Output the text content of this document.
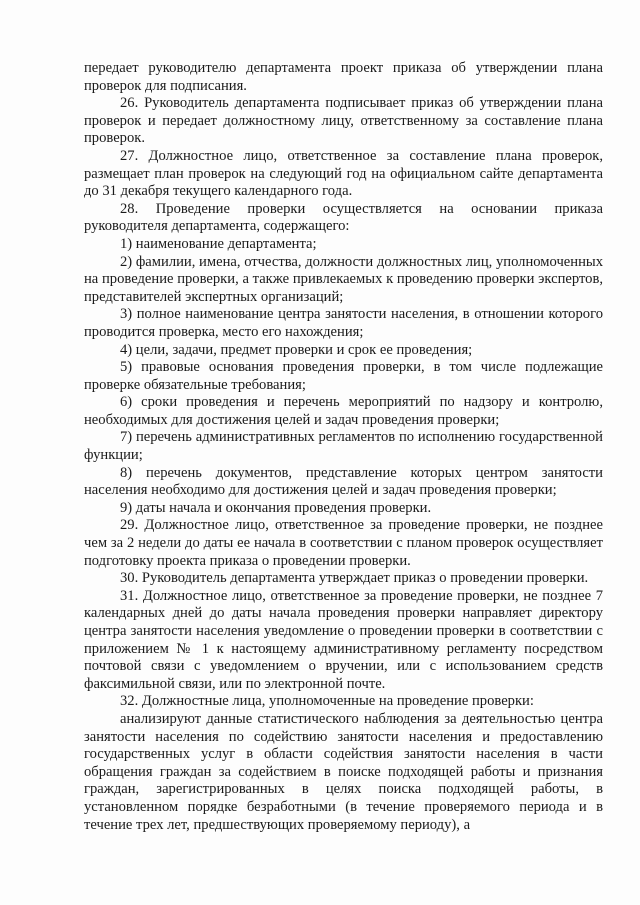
передает руководителю департамента проект приказа об утверждении плана проверок для подписания.

26. Руководитель департамента подписывает приказ об утверждении плана проверок и передает должностному лицу, ответственному за составление плана проверок.

27. Должностное лицо, ответственное за составление плана проверок, размещает план проверок на следующий год на официальном сайте департамента до 31 декабря текущего календарного года.

28. Проведение проверки осуществляется на основании приказа руководителя департамента, содержащего:

1) наименование департамента;

2) фамилии, имена, отчества, должности должностных лиц, уполномоченных на проведение проверки, а также привлекаемых к проведению проверки экспертов, представителей экспертных организаций;

3) полное наименование центра занятости населения, в отношении которого проводится проверка, место его нахождения;

4) цели, задачи, предмет проверки и срок ее проведения;

5) правовые основания проведения проверки, в том числе подлежащие проверке обязательные требования;

6) сроки проведения и перечень мероприятий по надзору и контролю, необходимых для достижения целей и задач проведения проверки;

7) перечень административных регламентов по исполнению государственной функции;

8) перечень документов, представление которых центром занятости населения необходимо для достижения целей и задач проведения проверки;

9) даты начала и окончания проведения проверки.

29. Должностное лицо, ответственное за проведение проверки, не позднее чем за 2 недели до даты ее начала в соответствии с планом проверок осуществляет подготовку проекта приказа о проведении проверки.

30. Руководитель департамента утверждает приказ о проведении проверки.

31. Должностное лицо, ответственное за проведение проверки, не позднее 7 календарных дней до даты начала проведения проверки направляет директору центра занятости населения уведомление о проведении проверки в соответствии с приложением № 1 к настоящему административному регламенту посредством почтовой связи с уведомлением о вручении, или с использованием средств факсимильной связи, или по электронной почте.

32. Должностные лица, уполномоченные на проведение проверки:

анализируют данные статистического наблюдения за деятельностью центра занятости населения по содействию занятости населения и предоставлению государственных услуг в области содействия занятости населения в части обращения граждан за содействием в поиске подходящей работы и признания граждан, зарегистрированных в целях поиска подходящей работы, в установленном порядке безработными (в течение проверяемого периода и в течение трех лет, предшествующих проверяемому периоду), а
